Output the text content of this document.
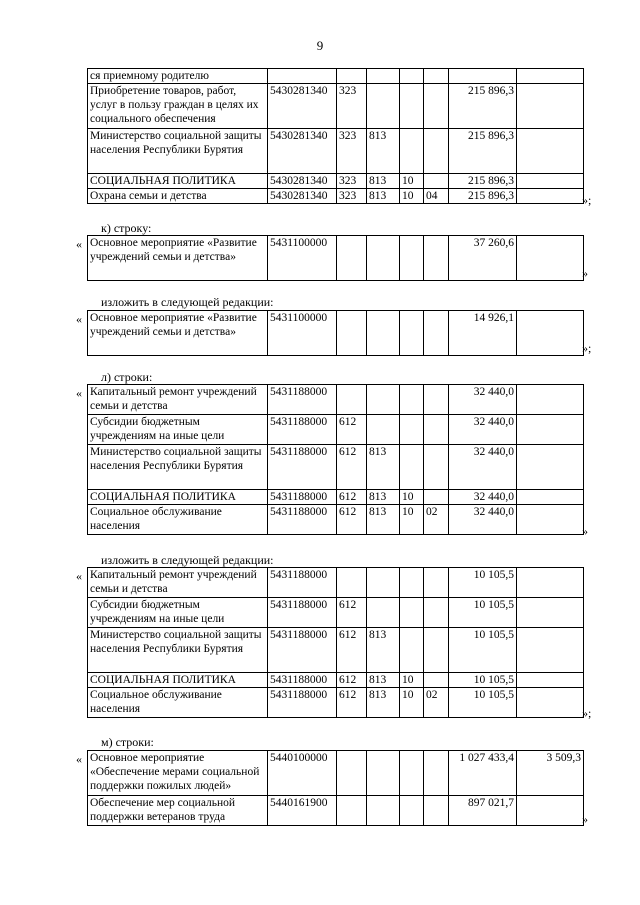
9
ся приемному родителю							
Приобретение товаров, работ, услуг в пользу граждан в целях их социального обеспечения	5430281340	323				215 896,3	
Министерство социальной защиты населения Республики Бурятия	5430281340	323	813			215 896,3	
СОЦИАЛЬНАЯ ПОЛИТИКА	5430281340	323	813	10		215 896,3	
Охрана семьи и детства	5430281340	323	813	10	04	215 896,3		»;
к) строку:
« Основное мероприятие «Развитие учреждений семьи и детства»	5431100000					37 260,6	
»
изложить в следующей редакции:
« Основное мероприятие «Развитие учреждений семьи и детства»	5431100000					14 926,1	
»;
л) строки:
« Капитальный ремонт учреждений семьи и детства	5431188000					32 440,0	
Субсидии бюджетным учреждениям на иные цели	5431188000	612				32 440,0	
Министерство социальной защиты населения Республики Бурятия	5431188000	612	813			32 440,0	
СОЦИАЛЬНАЯ ПОЛИТИКА	5431188000	612	813	10		32 440,0	
Социальное обслуживание населения	5431188000	612	813	10	02	32 440,0	
»
изложить в следующей редакции:
« Капитальный ремонт учреждений семьи и детства	5431188000					10 105,5	
Субсидии бюджетным учреждениям на иные цели	5431188000	612				10 105,5	
Министерство социальной защиты населения Республики Бурятия	5431188000	612	813			10 105,5	
СОЦИАЛЬНАЯ ПОЛИТИКА	5431188000	612	813	10		10 105,5	
Социальное обслуживание населения	5431188000	612	813	10	02	10 105,5	
»;
м) строки:
« Основное мероприятие «Обеспечение мерами социальной поддержки пожилых людей»	5440100000					1 027 433,4	3 509,3
Обеспечение мер социальной поддержки ветеранов труда	5440161900					897 021,7	
»
